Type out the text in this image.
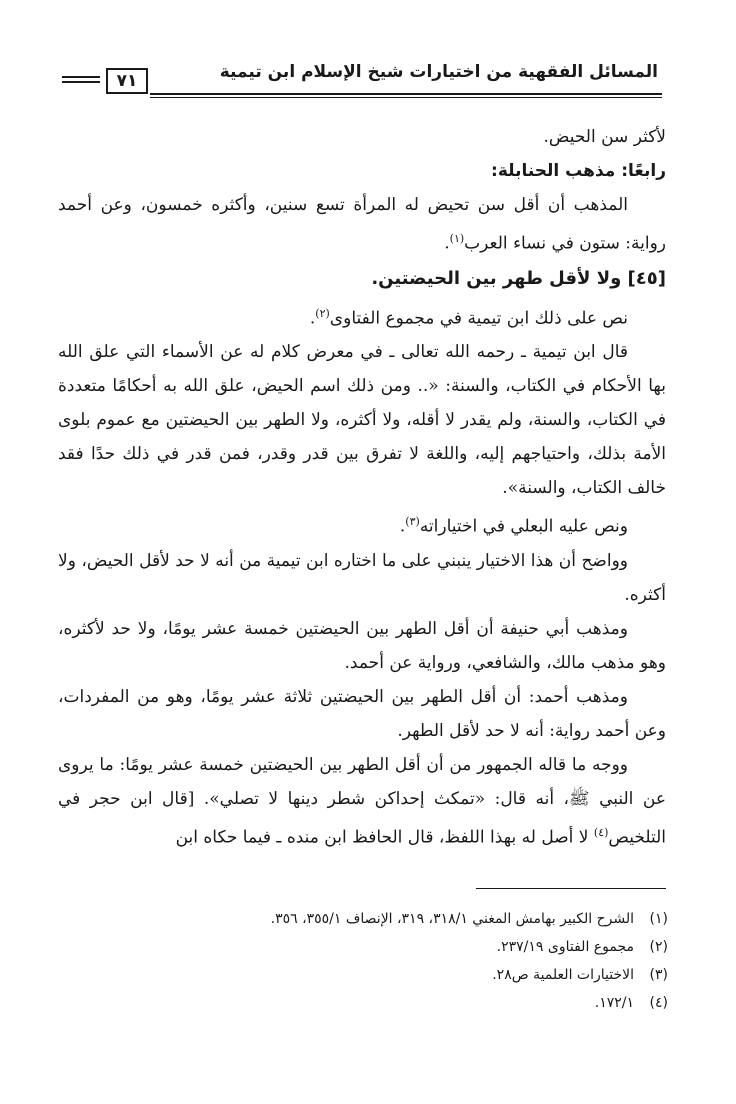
المسائل الفقهية من اختيارات شيخ الإسلام ابن تيمية
٧١

لأكثر سن الحيض.

رابعًا: مذهب الحنابلة:

المذهب أن أقل سن تحيض له المرأة تسع سنين، وأكثره خمسون، وعن أحمد رواية: ستون في نساء العرب$^{(١)}$.

[٤٥] ولا لأقل طهر بين الحيضتين.

نص على ذلك ابن تيمية في مجموع الفتاوى$^{(٢)}$.

قال ابن تيمية ـ رحمه الله تعالى ـ في معرض كلام له عن الأسماء التي علق الله بها الأحكام في الكتاب، والسنة: «.. ومن ذلك اسم الحيض، علق الله به أحكامًا متعددة في الكتاب، والسنة، ولم يقدر لا أقله، ولا أكثره، ولا الطهر بين الحيضتين مع عموم بلوى الأمة بذلك، واحتياجهم إليه، واللغة لا تفرق بين قدر وقدر، فمن قدر في ذلك حدًا فقد خالف الكتاب، والسنة».

ونص عليه البعلي في اختياراته$^{(٣)}$.

وواضح أن هذا الاختيار ينبني على ما اختاره ابن تيمية من أنه لا حد لأقل الحيض، ولا أكثره.

ومذهب أبي حنيفة أن أقل الطهر بين الحيضتين خمسة عشر يومًا، ولا حد لأكثره، وهو مذهب مالك، والشافعي، ورواية عن أحمد.

ومذهب أحمد: أن أقل الطهر بين الحيضتين ثلاثة عشر يومًا، وهو من المفردات، وعن أحمد رواية: أنه لا حد لأقل الطهر.

ووجه ما قاله الجمهور من أن أقل الطهر بين الحيضتين خمسة عشر يومًا: ما يروى عن النبي ﷺ، أنه قال: «تمكث إحداكن شطر دينها لا تصلي». [قال ابن حجر في التلخيص$^{(٤)}$ لا أصل له بهذا اللفظ، قال الحافظ ابن منده ـ فيما حكاه ابن

(١)الشرح الكبير بهامش المغني ٣١٨/١، ٣١٩، الإنصاف ٣٥٥/١، ٣٥٦.

(٢)مجموع الفتاوى ٢٣٧/١٩.

(٣)الاختيارات العلمية ص٢٨.

(٤)١٧٢/١.
